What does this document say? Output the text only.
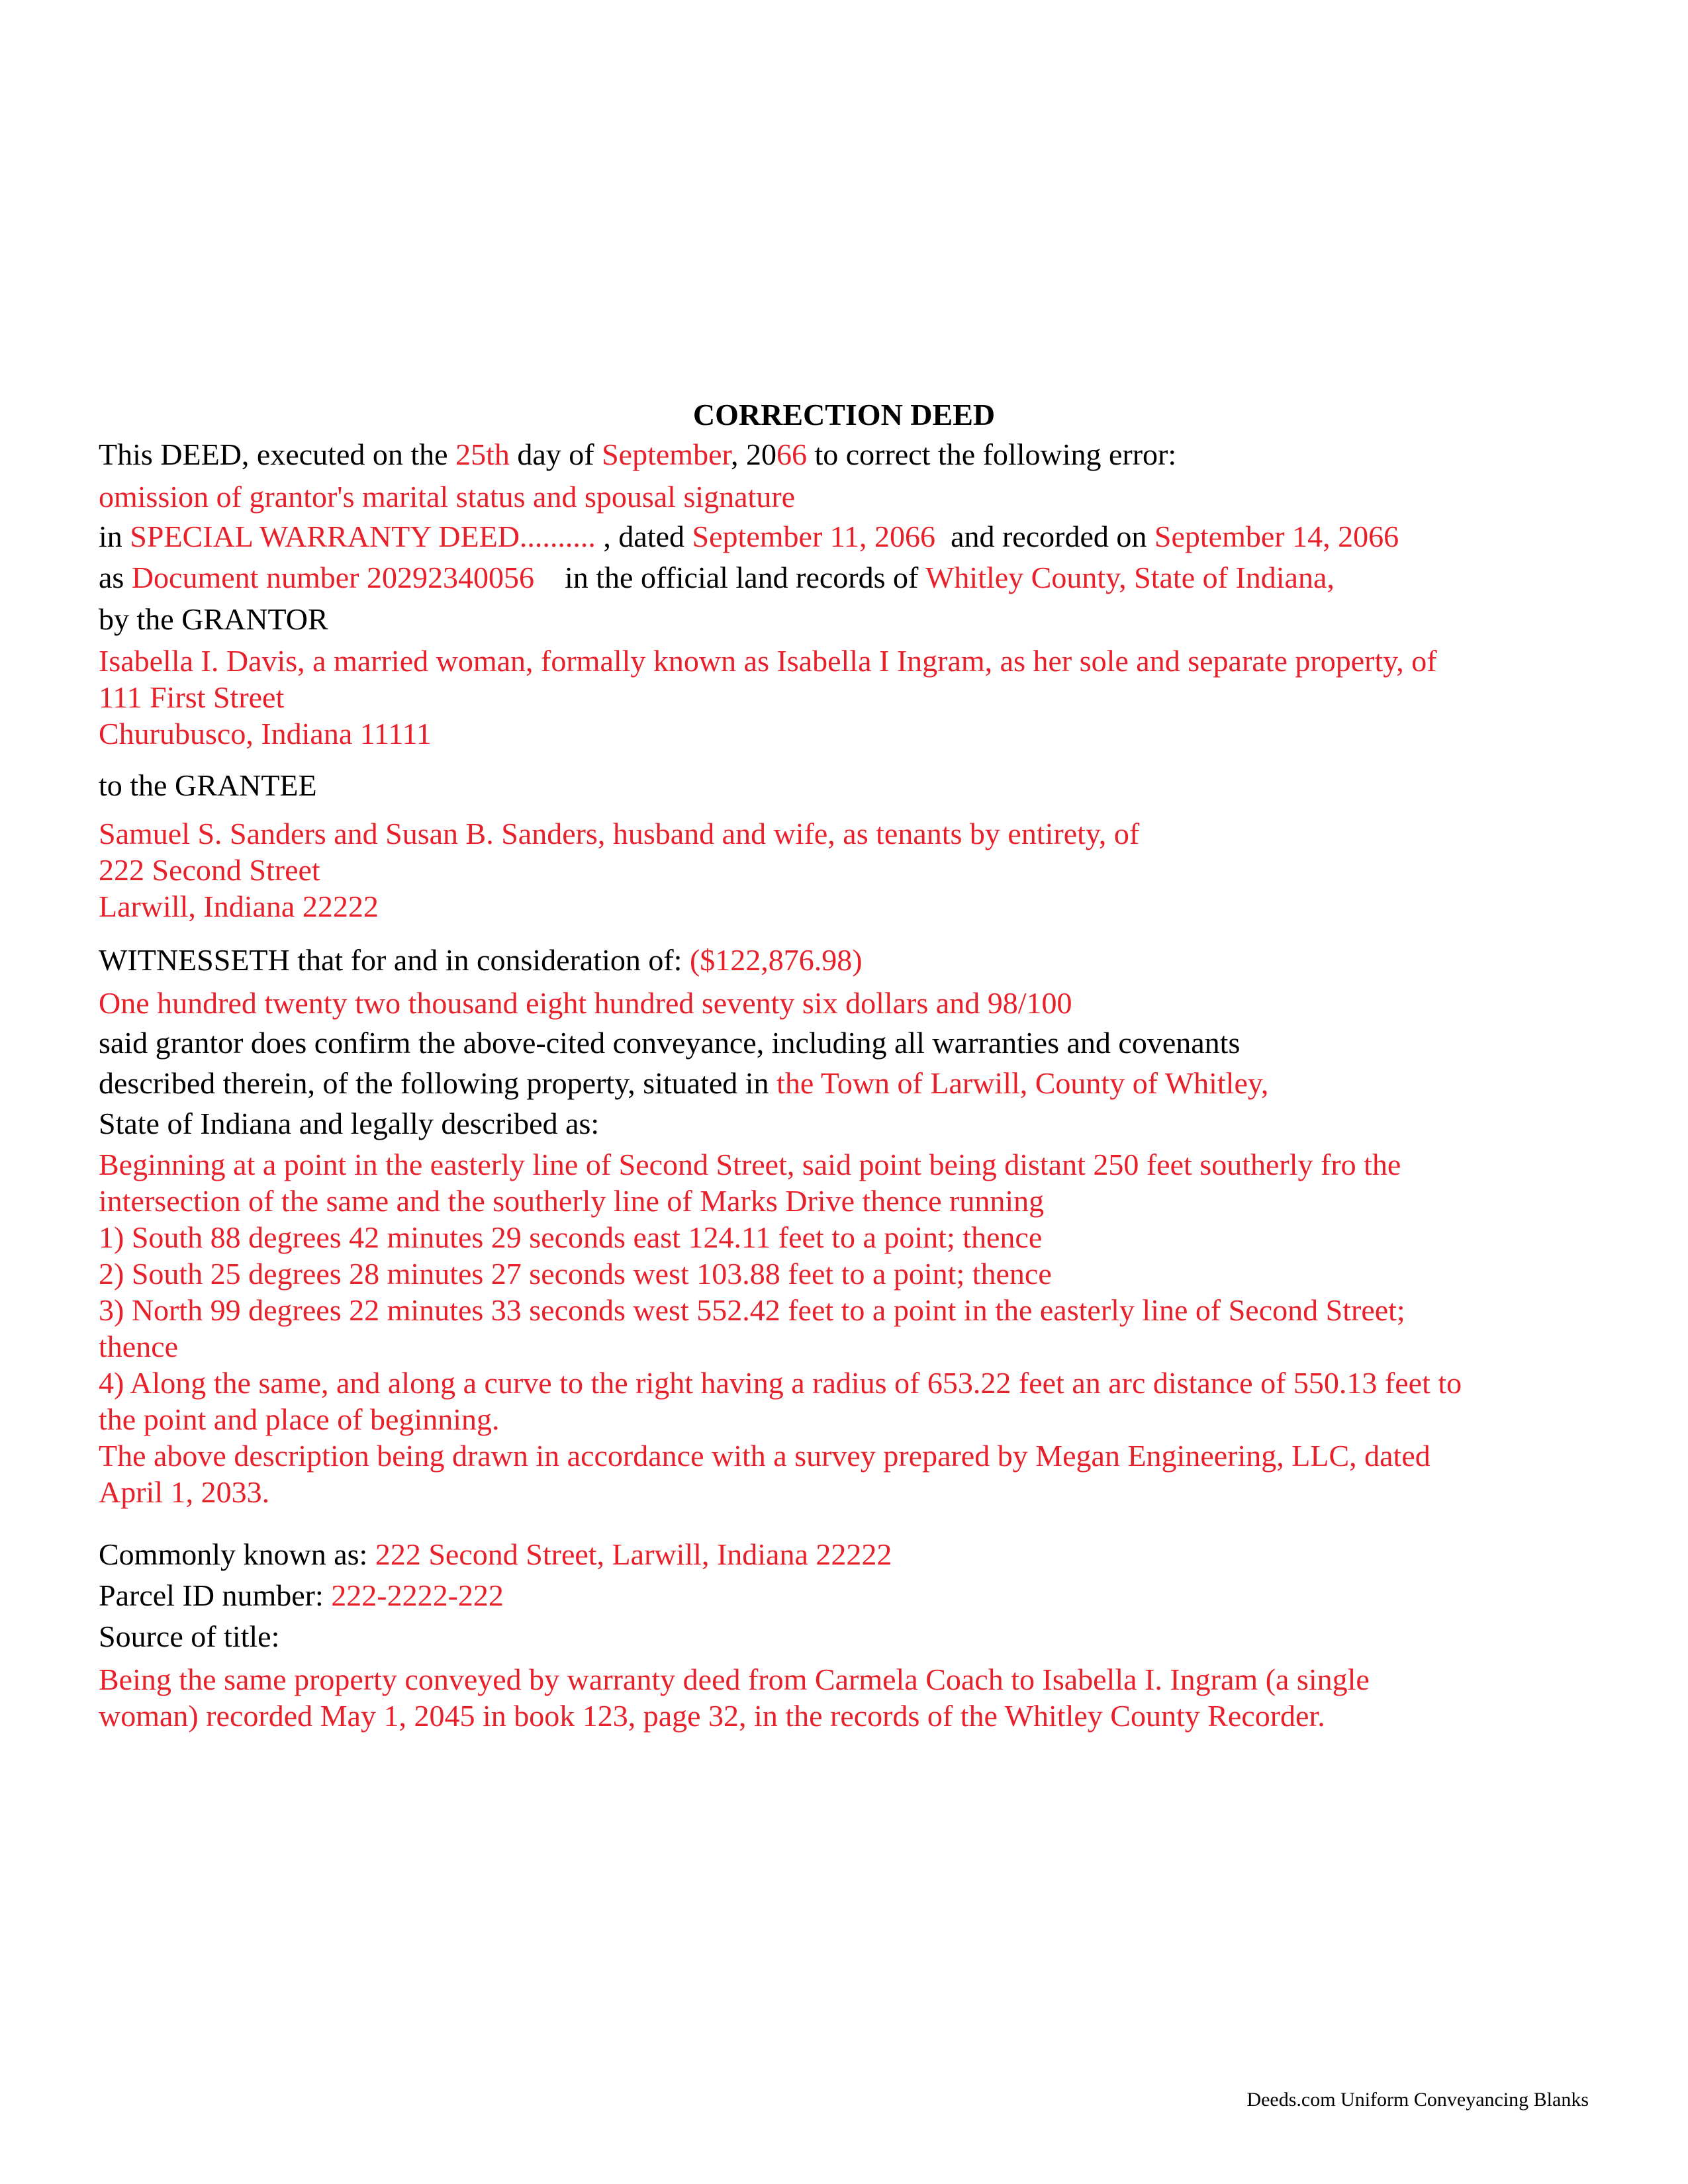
CORRECTION DEED
This DEED, executed on the 25th day of September, 2066 to correct the following error:
omission of grantor's marital status and spousal signature
in SPECIAL WARRANTY DEED.......... , dated September 11, 2066 and recorded on September 14, 2066
as Document number 20292340056 in the official land records of Whitley County, State of Indiana,
by the GRANTOR
Isabella I. Davis, a married woman, formally known as Isabella I Ingram, as her sole and separate property, of
111 First Street
Churubusco, Indiana 11111
to the GRANTEE
Samuel S. Sanders and Susan B. Sanders, husband and wife, as tenants by entirety, of
222 Second Street
Larwill, Indiana 22222
WITNESSETH that for and in consideration of: ($122,876.98)
One hundred twenty two thousand eight hundred seventy six dollars and 98/100
said grantor does confirm the above-cited conveyance, including all warranties and covenants
described therein, of the following property, situated in the Town of Larwill, County of Whitley,
State of Indiana and legally described as:
Beginning at a point in the easterly line of Second Street, said point being distant 250 feet southerly fro the
intersection of the same and the southerly line of Marks Drive thence running
1) South 88 degrees 42 minutes 29 seconds east 124.11 feet to a point; thence
2) South 25 degrees 28 minutes 27 seconds west 103.88 feet to a point; thence
3) North 99 degrees 22 minutes 33 seconds west 552.42 feet to a point in the easterly line of Second Street;
thence
4) Along the same, and along a curve to the right having a radius of 653.22 feet an arc distance of 550.13 feet to
the point and place of beginning.
The above description being drawn in accordance with a survey prepared by Megan Engineering, LLC, dated
April 1, 2033.
Commonly known as: 222 Second Street, Larwill, Indiana 22222
Parcel ID number: 222-2222-222
Source of title:
Being the same property conveyed by warranty deed from Carmela Coach to Isabella I. Ingram (a single
woman) recorded May 1, 2045 in book 123, page 32, in the records of the Whitley County Recorder.
Deeds.com Uniform Conveyancing Blanks
